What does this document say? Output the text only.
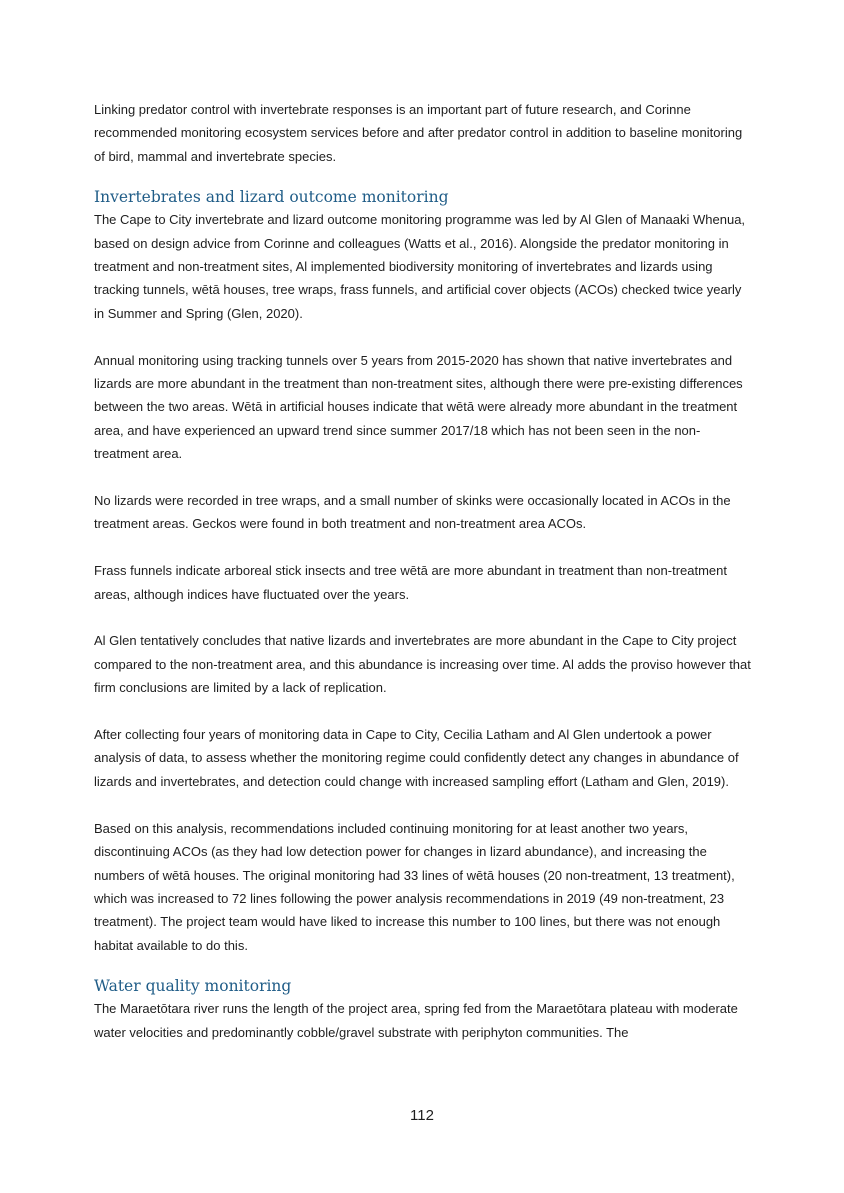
Linking predator control with invertebrate responses is an important part of future research, and Corinne recommended monitoring ecosystem services before and after predator control in addition to baseline monitoring of bird, mammal and invertebrate species.

Invertebrates and lizard outcome monitoring

The Cape to City invertebrate and lizard outcome monitoring programme was led by Al Glen of Manaaki Whenua, based on design advice from Corinne and colleagues (Watts et al., 2016). Alongside the predator monitoring in treatment and non-treatment sites, Al implemented biodiversity monitoring of invertebrates and lizards using tracking tunnels, wētā houses, tree wraps, frass funnels, and artificial cover objects (ACOs) checked twice yearly in Summer and Spring (Glen, 2020).

Annual monitoring using tracking tunnels over 5 years from 2015-2020 has shown that native invertebrates and lizards are more abundant in the treatment than non-treatment sites, although there were pre-existing differences between the two areas. Wētā in artificial houses indicate that wētā were already more abundant in the treatment area, and have experienced an upward trend since summer 2017/18 which has not been seen in the non-treatment area.

No lizards were recorded in tree wraps, and a small number of skinks were occasionally located in ACOs in the treatment areas. Geckos were found in both treatment and non-treatment area ACOs.

Frass funnels indicate arboreal stick insects and tree wētā are more abundant in treatment than non-treatment areas, although indices have fluctuated over the years.

Al Glen tentatively concludes that native lizards and invertebrates are more abundant in the Cape to City project compared to the non-treatment area, and this abundance is increasing over time. Al adds the proviso however that firm conclusions are limited by a lack of replication.

After collecting four years of monitoring data in Cape to City, Cecilia Latham and Al Glen undertook a power analysis of data, to assess whether the monitoring regime could confidently detect any changes in abundance of lizards and invertebrates, and detection could change with increased sampling effort (Latham and Glen, 2019).

Based on this analysis, recommendations included continuing monitoring for at least another two years, discontinuing ACOs (as they had low detection power for changes in lizard abundance), and increasing the numbers of wētā houses. The original monitoring had 33 lines of wētā houses (20 non-treatment, 13 treatment), which was increased to 72 lines following the power analysis recommendations in 2019 (49 non-treatment, 23 treatment). The project team would have liked to increase this number to 100 lines, but there was not enough habitat available to do this.

Water quality monitoring

The Maraetōtara river runs the length of the project area, spring fed from the Maraetōtara plateau with moderate water velocities and predominantly cobble/gravel substrate with periphyton communities. The

112
